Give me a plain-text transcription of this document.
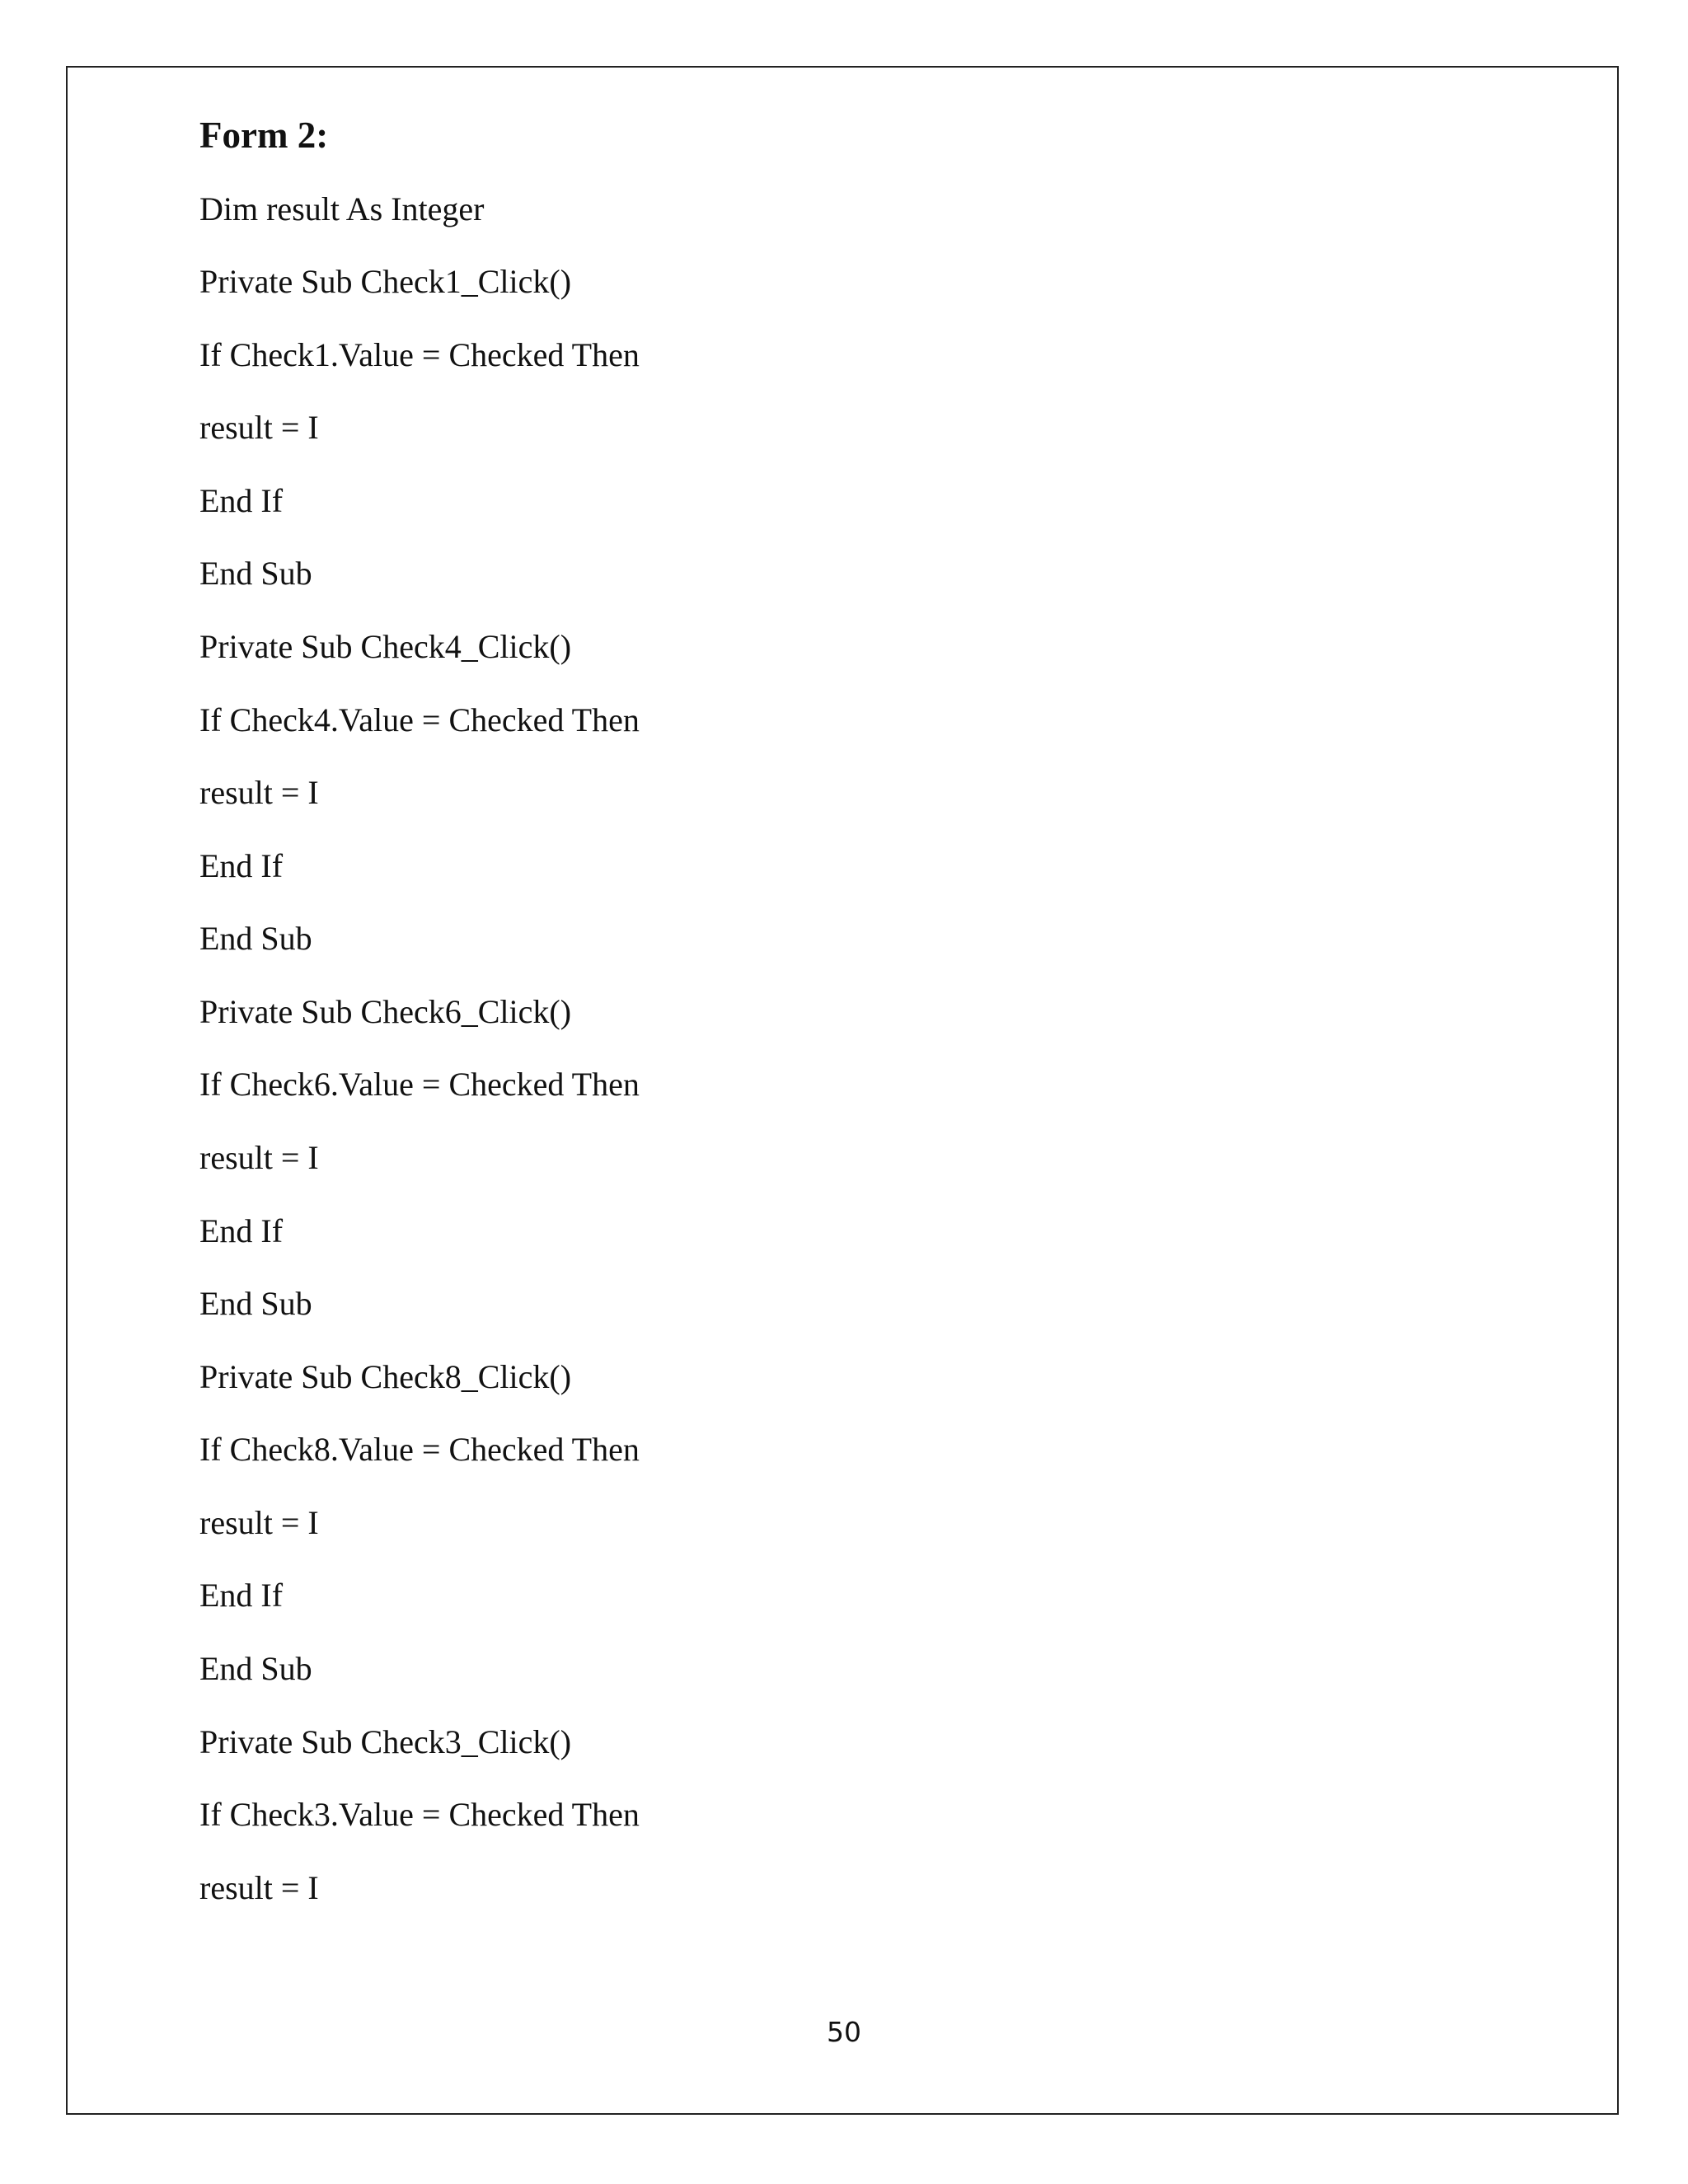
Form 2:
Dim result As Integer
Private Sub Check1_Click()
If Check1.Value = Checked Then
result = I
End If
End Sub
Private Sub Check4_Click()
If Check4.Value = Checked Then
result = I
End If
End Sub
Private Sub Check6_Click()
If Check6.Value = Checked Then
result = I
End If
End Sub
Private Sub Check8_Click()
If Check8.Value = Checked Then
result = I
End If
End Sub
Private Sub Check3_Click()
If Check3.Value = Checked Then
result = I
50
